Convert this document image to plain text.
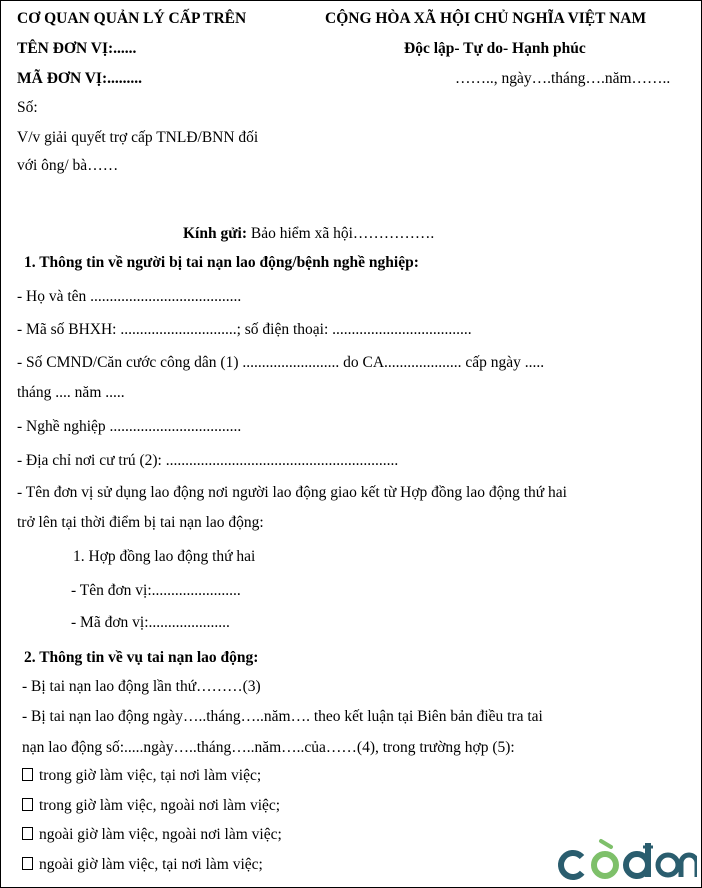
CƠ QUAN QUẢN LÝ CẤP TRÊN
TÊN ĐƠN VỊ:......
MÃ ĐƠN VỊ:.........
Số:
V/v giải quyết trợ cấp TNLĐ/BNN đối
với ông/ bà……
CỘNG HÒA XÃ HỘI CHỦ NGHĨA VIỆT NAM
Độc lập- Tự do- Hạnh phúc
…….., ngày….tháng….năm……..
Kính gửi: Bảo hiểm xã hội…………….
1. Thông tin về người bị tai nạn lao động/bệnh nghề nghiệp:
- Họ và tên .......................................
- Mã số BHXH: ..............................; số điện thoại: ....................................
- Số CMND/Căn cước công dân (1) ......................... do CA.................... cấp ngày .....
tháng .... năm .....
- Nghề nghiệp ..................................
- Địa chỉ nơi cư trú (2): ............................................................
- Tên đơn vị sử dụng lao động nơi người lao động giao kết từ Hợp đồng lao động thứ hai
trở lên tại thời điểm bị tai nạn lao động:
1. Hợp đồng lao động thứ hai
- Tên đơn vị:.......................
- Mã đơn vị:.....................
2. Thông tin về vụ tai nạn lao động:
- Bị tai nạn lao động lần thứ………(3)
- Bị tai nạn lao động ngày…..tháng…..năm…. theo kết luận tại Biên bản điều tra tai
nạn lao động số:.....ngày…..tháng…..năm…..của……(4), trong trường hợp (5):
trong giờ làm việc, tại nơi làm việc;
trong giờ làm việc, ngoài nơi làm việc;
ngoài giờ làm việc, ngoài nơi làm việc;
ngoài giờ làm việc, tại nơi làm việc;
